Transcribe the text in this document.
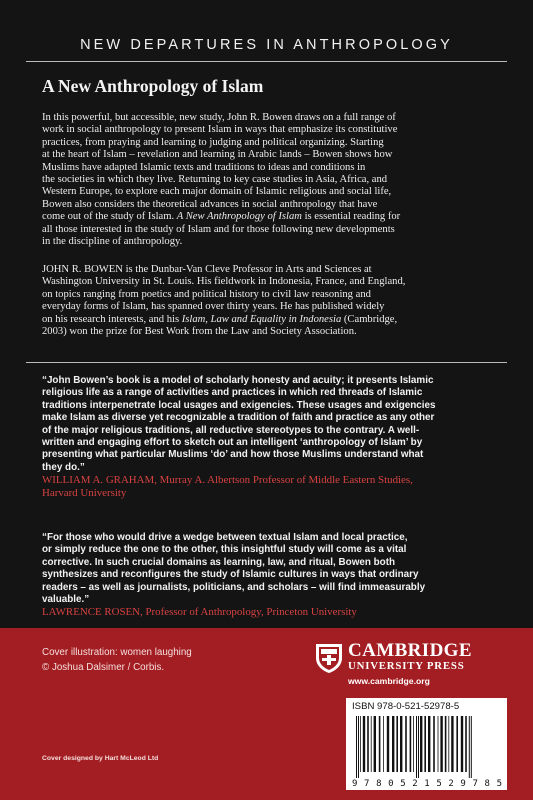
NEW DEPARTURES IN ANTHROPOLOGY
A New Anthropology of Islam

In this powerful, but accessible, new study, John R. Bowen draws on a full range of

work in social anthropology to present Islam in ways that emphasize its constitutive

practices, from praying and learning to judging and political organizing. Starting

at the heart of Islam – revelation and learning in Arabic lands – Bowen shows how

Muslims have adapted Islamic texts and traditions to ideas and conditions in

the societies in which they live. Returning to key case studies in Asia, Africa, and

Western Europe, to explore each major domain of Islamic religious and social life,

Bowen also considers the theoretical advances in social anthropology that have

come out of the study of Islam. A New Anthropology of Islam is essential reading for

all those interested in the study of Islam and for those following new developments

in the discipline of anthropology.

JOHN R. BOWEN is the Dunbar-Van Cleve Professor in Arts and Sciences at

Washington University in St. Louis. His fieldwork in Indonesia, France, and England,

on topics ranging from poetics and political history to civil law reasoning and

everyday forms of Islam, has spanned over thirty years. He has published widely

on his research interests, and his Islam, Law and Equality in Indonesia (Cambridge,

2003) won the prize for Best Work from the Law and Society Association.

“John Bowen’s book is a model of scholarly honesty and acuity; it presents Islamic

religious life as a range of activities and practices in which red threads of Islamic

traditions interpenetrate local usages and exigencies. These usages and exigencies

make Islam as diverse yet recognizable a tradition of faith and practice as any other

of the major religious traditions, all reductive stereotypes to the contrary. A well-

written and engaging effort to sketch out an intelligent ‘anthropology of Islam’ by

presenting what particular Muslims ‘do’ and how those Muslims understand what

they do.”

WILLIAM A. GRAHAM, Murray A. Albertson Professor of Middle Eastern Studies,

Harvard University

“For those who would drive a wedge between textual Islam and local practice,

or simply reduce the one to the other, this insightful study will come as a vital

corrective. In such crucial domains as learning, law, and ritual, Bowen both

synthesizes and reconfigures the study of Islamic cultures in ways that ordinary

readers – as well as journalists, politicians, and scholars – will find immeasurably

valuable.”

LAWRENCE ROSEN, Professor of Anthropology, Princeton University

Cover illustration: women laughing
© Joshua Dalsimer / Corbis.
Cover designed by Hart McLeod Ltd
CAMBRIDGE
UNIVERSITY PRESS
www.cambridge.org
ISBN 978-0-521-52978-5
9 7 8 0 5 2 1 5 2 9 7 8 5
